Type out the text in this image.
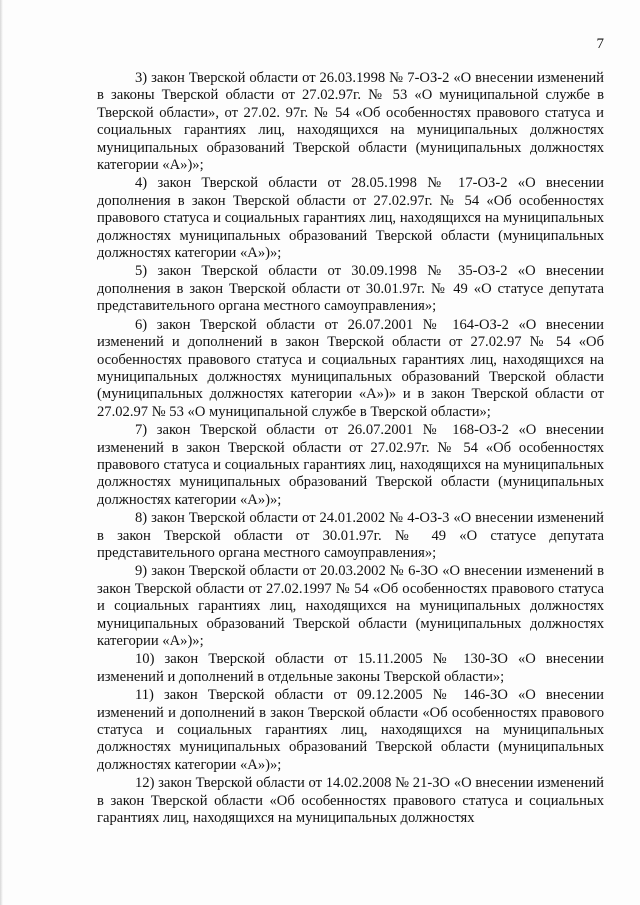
7

3) закон Тверской области от 26.03.1998 № 7-ОЗ-2 «О внесении изменений в законы Тверской области от 27.02.97г. № 53 «О муниципальной службе в Тверской области», от 27.02. 97г. № 54 «Об особенностях правового статуса и социальных гарантиях лиц, находящихся на муниципальных должностях муниципальных образований Тверской области (муниципальных должностях категории «А»)»;

4) закон Тверской области от 28.05.1998 № 17-ОЗ-2 «О внесении дополнения в закон Тверской области от 27.02.97г. № 54 «Об особенностях правового статуса и социальных гарантиях лиц, находящихся на муниципальных должностях муниципальных образований Тверской области (муниципальных должностях категории «А»)»;

5) закон Тверской области от 30.09.1998 № 35-ОЗ-2 «О внесении дополнения в закон Тверской области от 30.01.97г. № 49 «О статусе депутата представительного органа местного самоуправления»;

6) закон Тверской области от 26.07.2001 № 164-ОЗ-2 «О внесении изменений и дополнений в закон Тверской области от 27.02.97 № 54 «Об особенностях правового статуса и социальных гарантиях лиц, находящихся на муниципальных должностях муниципальных образований Тверской области (муниципальных должностях категории «А»)» и в закон Тверской области от 27.02.97 № 53 «О муниципальной службе в Тверской области»;

7) закон Тверской области от 26.07.2001 № 168-ОЗ-2 «О внесении изменений в закон Тверской области от 27.02.97г. № 54 «Об особенностях правового статуса и социальных гарантиях лиц, находящихся на муниципальных должностях муниципальных образований Тверской области (муниципальных должностях категории «А»)»;

8) закон Тверской области от 24.01.2002 № 4-ОЗ-3 «О внесении изменений в закон Тверской области от 30.01.97г. № 49 «О статусе депутата представительного органа местного самоуправления»;

9) закон Тверской области от 20.03.2002 № 6-ЗО «О внесении изменений в закон Тверской области от 27.02.1997 № 54 «Об особенностях правового статуса и социальных гарантиях лиц, находящихся на муниципальных должностях муниципальных образований Тверской области (муниципальных должностях категории «А»)»;

10) закон Тверской области от 15.11.2005 № 130-ЗО «О внесении изменений и дополнений в отдельные законы Тверской области»;

11) закон Тверской области от 09.12.2005 № 146-ЗО «О внесении изменений и дополнений в закон Тверской области «Об особенностях правового статуса и социальных гарантиях лиц, находящихся на муниципальных должностях муниципальных образований Тверской области (муниципальных должностях категории «А»)»;

12) закон Тверской области от 14.02.2008 № 21-ЗО «О внесении изменений в закон Тверской области «Об особенностях правового статуса и социальных гарантиях лиц, находящихся на муниципальных должностях
